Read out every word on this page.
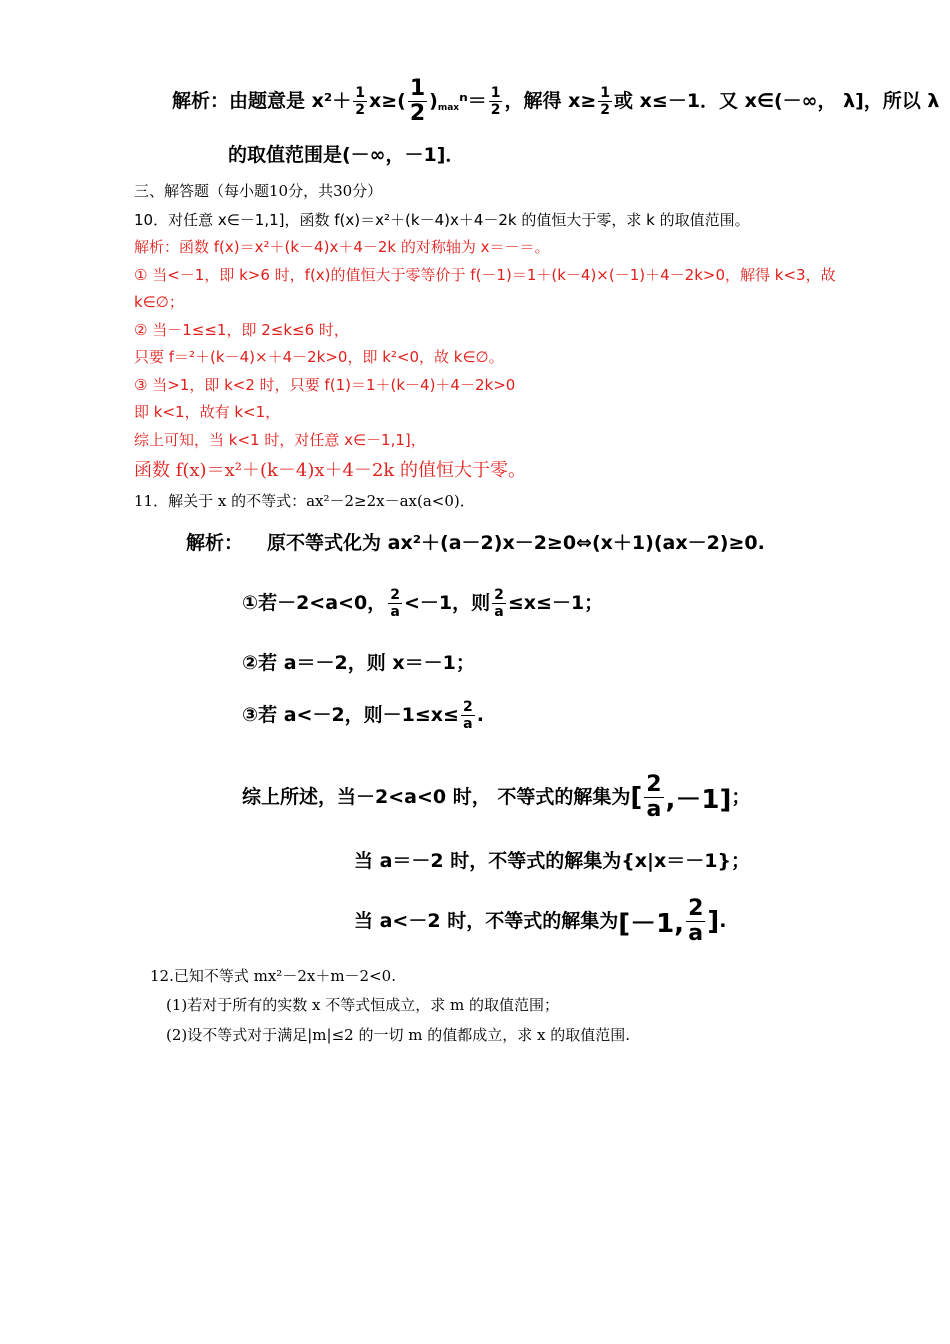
解析：由题意是 $x^2+ \frac{1}{2} x\ge( \frac{1}{2} )_{max}^n= \frac{1}{2}$ ，解得 $x\ge \frac{1}{2}$ 或 x≤－1．又 x∈(－∞， λ]，所以 λ
的取值范围是(－∞，－1]．
三、解答题（每小题10分，共30分）
10．对任意 x∈－1,1]，函数 f(x)＝x²＋(k－4)x＋4－2k 的值恒大于零，求 k 的取值范围。
解析：函数 f(x)＝x²＋(k－4)x＋4－2k 的对称轴为 x＝－＝。
① 当<－1，即 k>6 时，f(x)的值恒大于零等价于 f(－1)＝1＋(k－4)×(－1)＋4－2k>0，解得 k<3，故
k∈∅；
② 当－1≤≤1，即 2≤k≤6 时，
只要 f＝²＋(k－4)×＋4－2k>0，即 k²<0，故 k∈∅。
③ 当>1，即 k<2 时，只要 f(1)＝1＋(k－4)＋4－2k>0
即 k<1，故有 k<1，
综上可知，当 k<1 时，对任意 x∈－1,1]，
函数 f(x)＝x²＋(k－4)x＋4－2k 的值恒大于零。
11．解关于 x 的不等式：ax²－2≥2x－ax(a<0)．
解析： 原不等式化为 ax²＋(a－2)x－2≥0⇔(x＋1)(ax－2)≥0.
①若－2<a<0， $\frac{2}{a} <-1$，则 $\frac{2}{a} \le x\le-1$；
②若 a＝－2，则 x＝－1；
③若 a<－2，则$-1\le x\le \frac{2}{a}$ .
综上所述，当－2<a<0 时， 不等式的解集为[ $\frac{2}{a} ,-1$]；
当 a＝－2 时，不等式的解集为{x|x＝－1}；
当 a<－2 时，不等式的解集为[－1, $\frac{2}{a}$ ].
12.已知不等式 mx²－2x＋m－2<0.
(1)若对于所有的实数 x 不等式恒成立，求 m 的取值范围；
(2)设不等式对于满足|m|≤2 的一切 m 的值都成立，求 x 的取值范围.
